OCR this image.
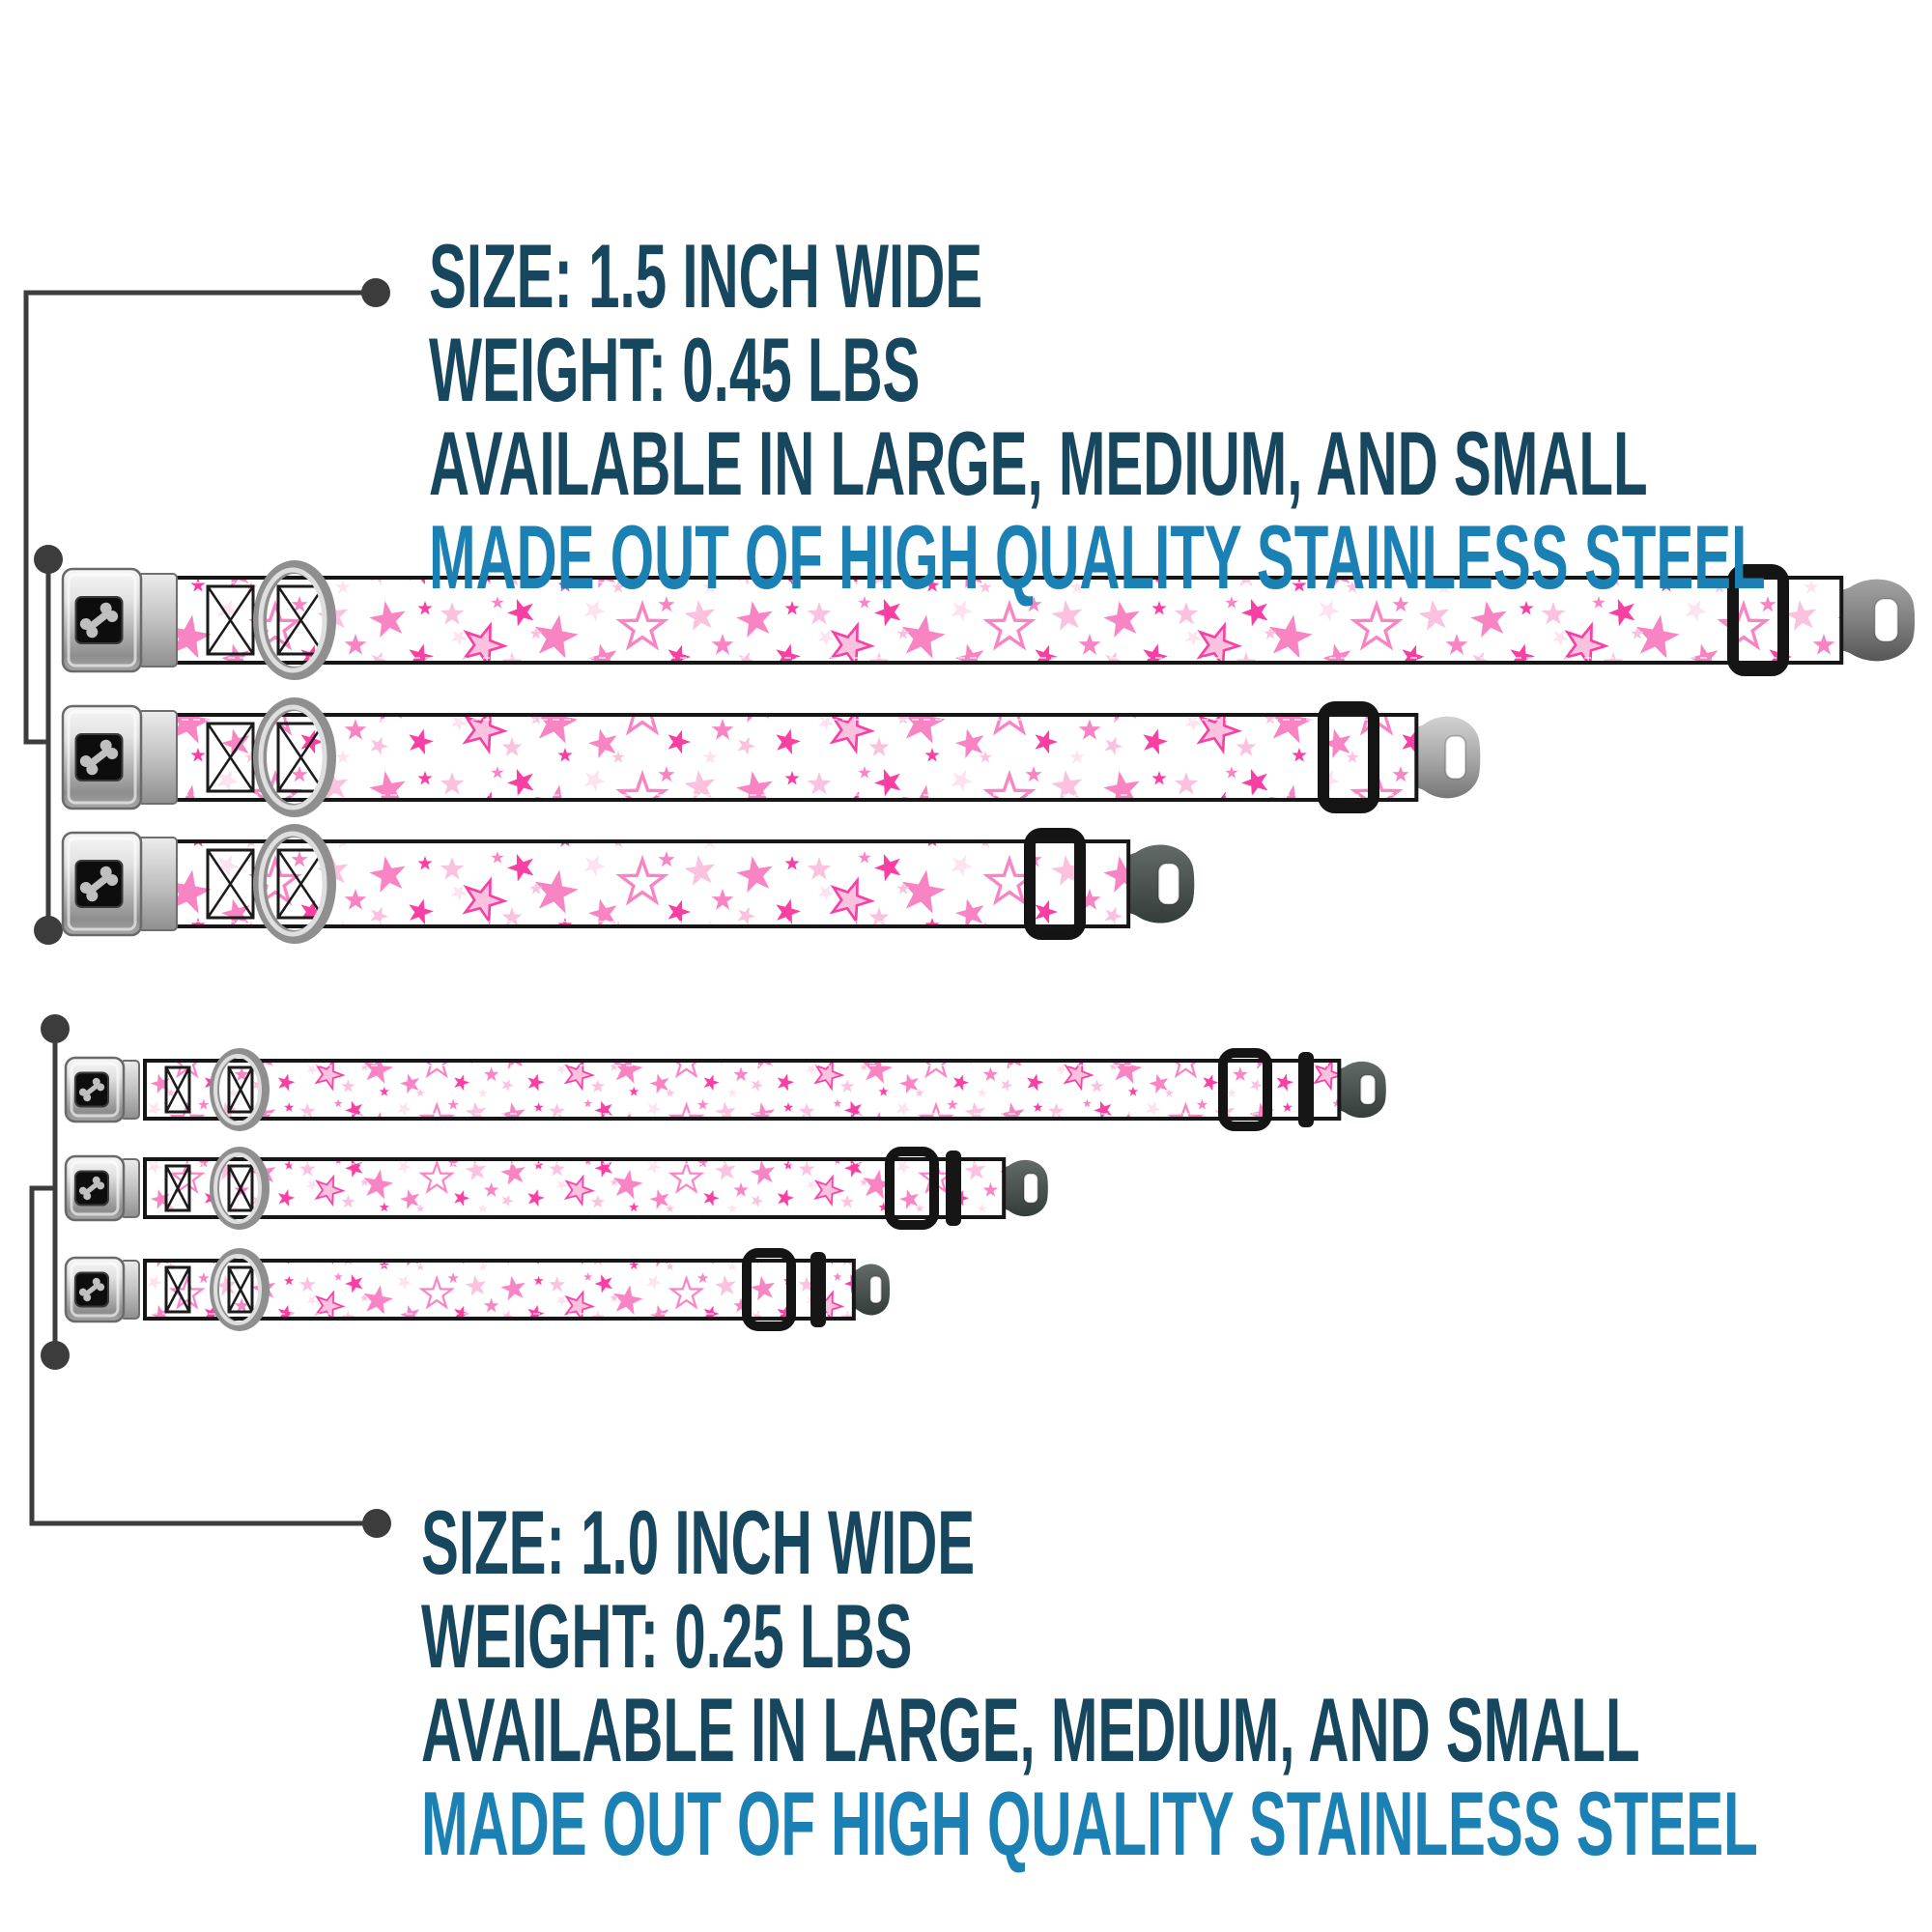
SIZE: 1.5 INCH WIDE
WEIGHT: 0.45 LBS
AVAILABLE IN LARGE, MEDIUM, AND SMALL
MADE OUT OF HIGH QUALITY STAINLESS STEEL
SIZE: 1.0 INCH WIDE
WEIGHT: 0.25 LBS
AVAILABLE IN LARGE, MEDIUM, AND SMALL
MADE OUT OF HIGH QUALITY STAINLESS STEEL
